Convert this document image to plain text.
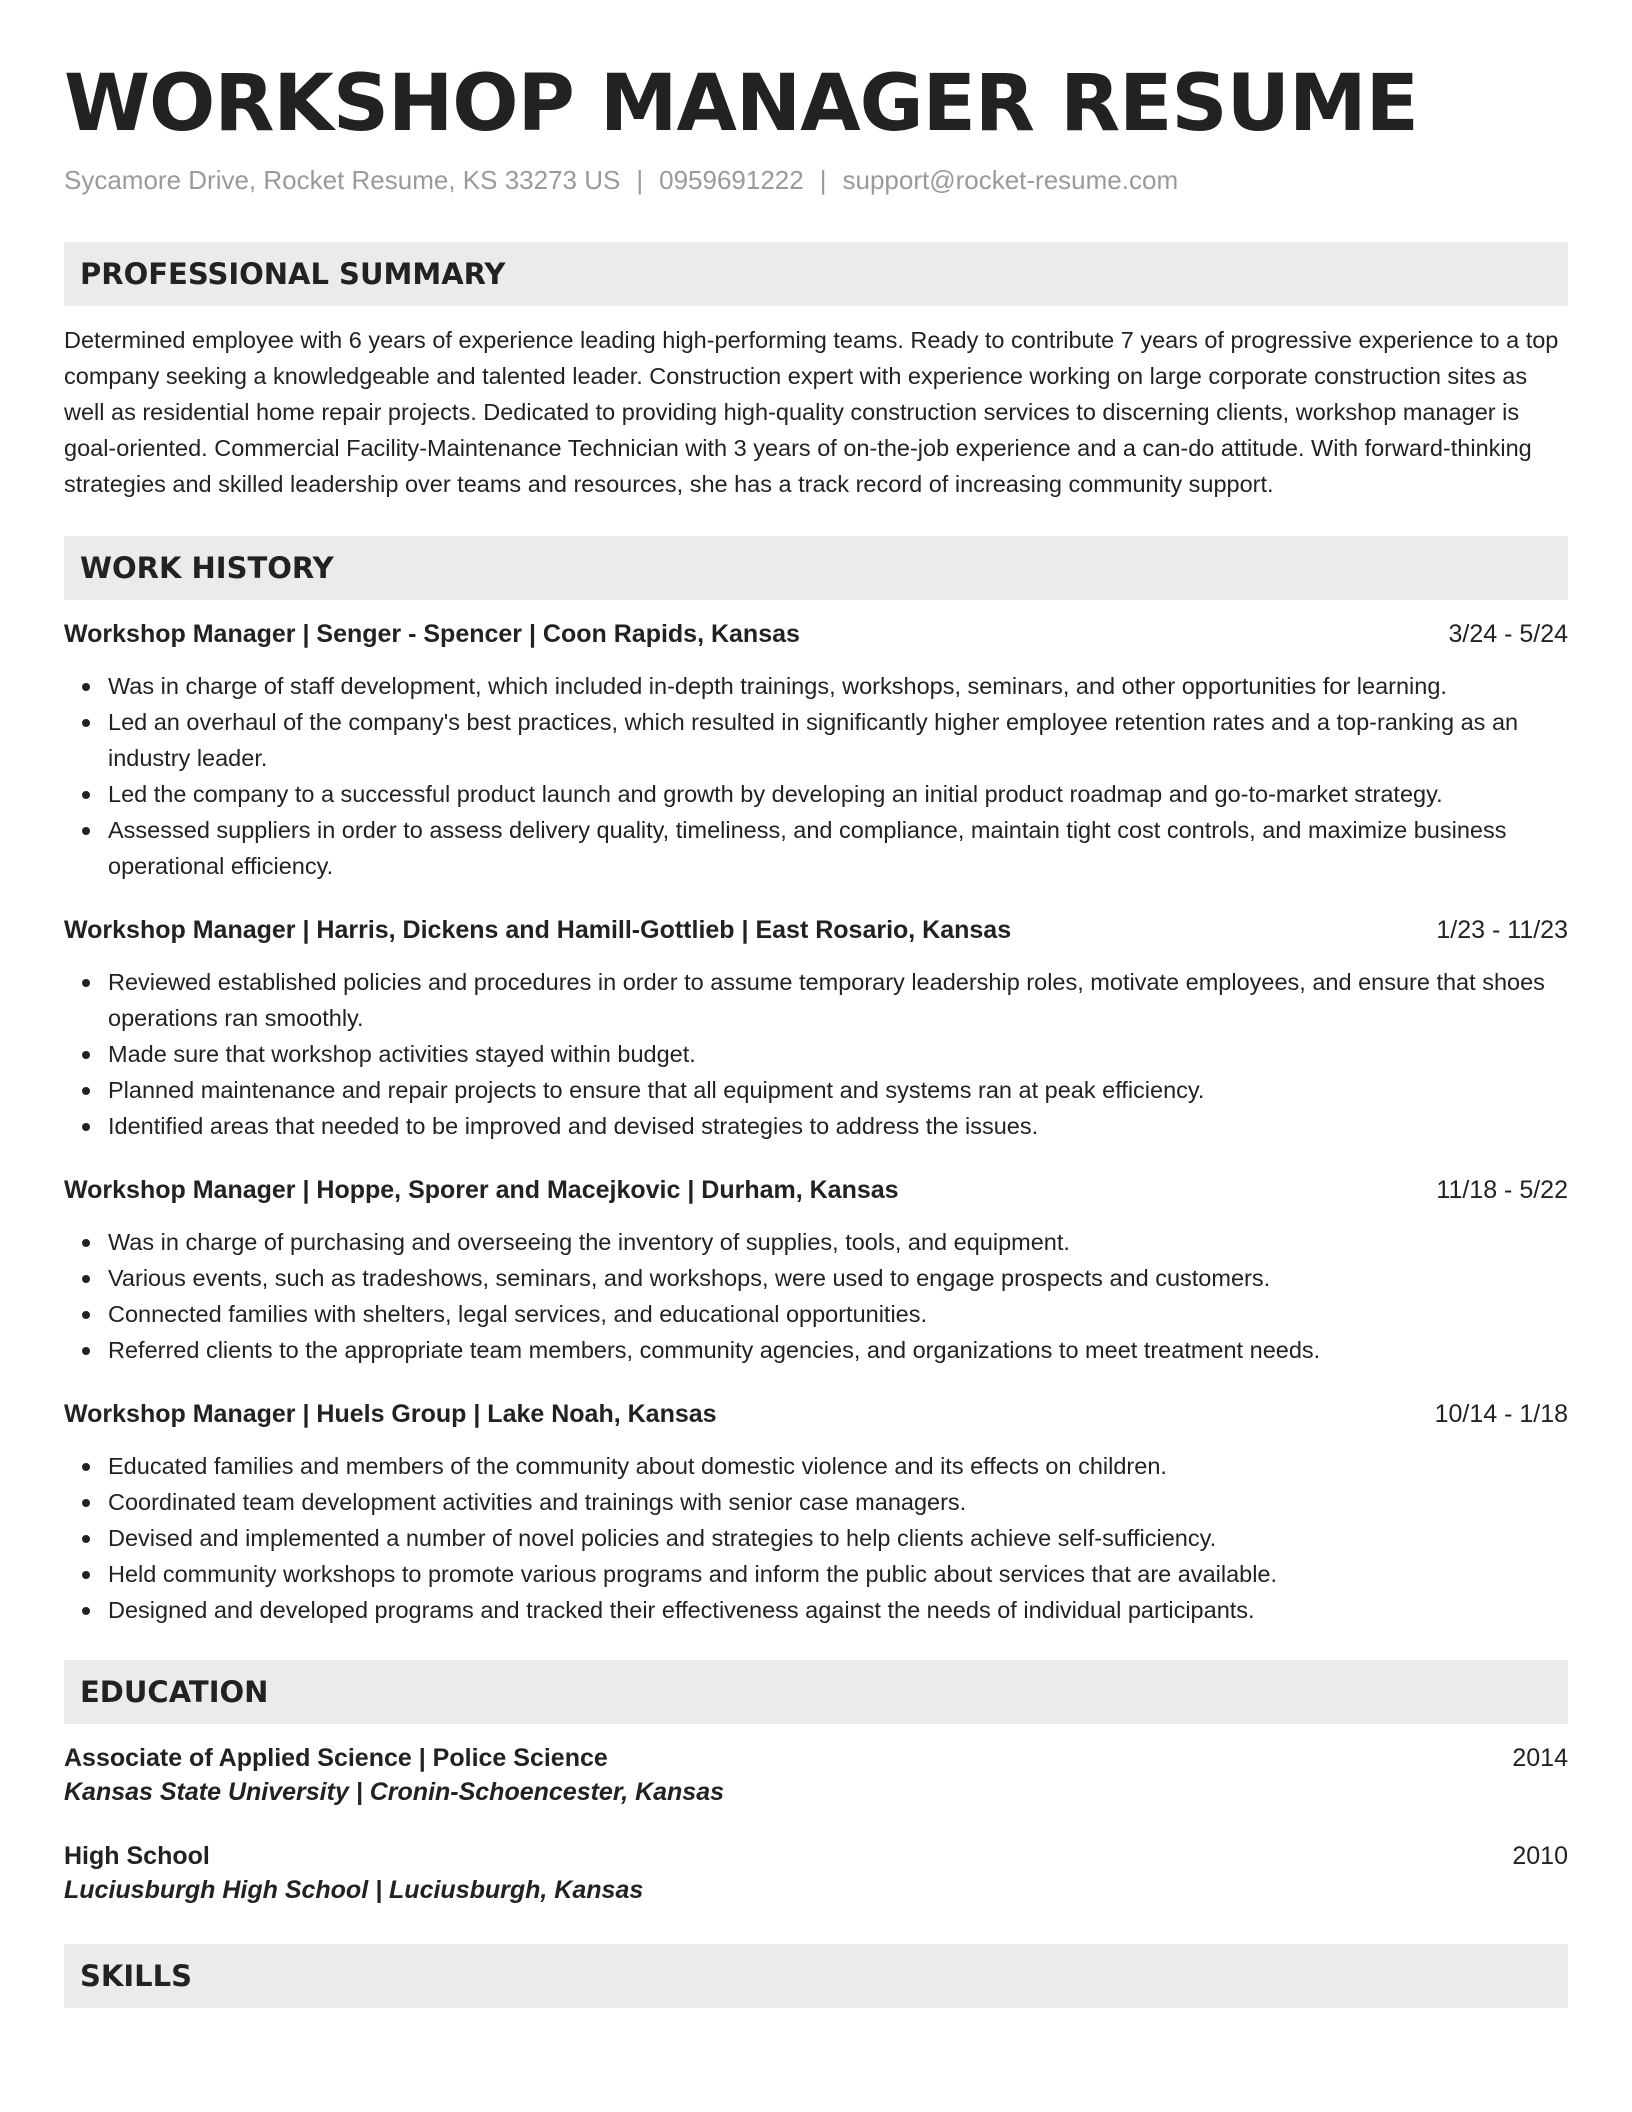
WORKSHOP MANAGER RESUME
Sycamore Drive, Rocket Resume, KS 33273 US | 0959691222 | support@rocket-resume.com
PROFESSIONAL SUMMARY

Determined employee with 6 years of experience leading high-performing teams. Ready to contribute 7 years of progressive experience to a top company seeking a knowledgeable and talented leader. Construction expert with experience working on large corporate construction sites as well as residential home repair projects. Dedicated to providing high-quality construction services to discerning clients, workshop manager is goal-oriented. Commercial Facility-Maintenance Technician with 3 years of on-the-job experience and a can-do attitude. With forward-thinking strategies and skilled leadership over teams and resources, she has a track record of increasing community support.

WORK HISTORY
Workshop Manager | Senger - Spencer | Coon Rapids, Kansas	3/24 - 5/24
Was in charge of staff development, which included in-depth trainings, workshops, seminars, and other opportunities for learning.
Led an overhaul of the company's best practices, which resulted in significantly higher employee retention rates and a top-ranking as an industry leader.
Led the company to a successful product launch and growth by developing an initial product roadmap and go-to-market strategy.
Assessed suppliers in order to assess delivery quality, timeliness, and compliance, maintain tight cost controls, and maximize business operational efficiency.
Workshop Manager | Harris, Dickens and Hamill-Gottlieb | East Rosario, Kansas	1/23 - 11/23
Reviewed established policies and procedures in order to assume temporary leadership roles, motivate employees, and ensure that shoes operations ran smoothly.
Made sure that workshop activities stayed within budget.
Planned maintenance and repair projects to ensure that all equipment and systems ran at peak efficiency.
Identified areas that needed to be improved and devised strategies to address the issues.
Workshop Manager | Hoppe, Sporer and Macejkovic | Durham, Kansas	11/18 - 5/22
Was in charge of purchasing and overseeing the inventory of supplies, tools, and equipment.
Various events, such as tradeshows, seminars, and workshops, were used to engage prospects and customers.
Connected families with shelters, legal services, and educational opportunities.
Referred clients to the appropriate team members, community agencies, and organizations to meet treatment needs.
Workshop Manager | Huels Group | Lake Noah, Kansas	10/14 - 1/18
Educated families and members of the community about domestic violence and its effects on children.
Coordinated team development activities and trainings with senior case managers.
Devised and implemented a number of novel policies and strategies to help clients achieve self-sufficiency.
Held community workshops to promote various programs and inform the public about services that are available.
Designed and developed programs and tracked their effectiveness against the needs of individual participants.
EDUCATION
Associate of Applied Science | Police Science	2014
Kansas State University | Cronin-Schoencester, Kansas
High School	2010
Luciusburgh High School | Luciusburgh, Kansas
SKILLS
